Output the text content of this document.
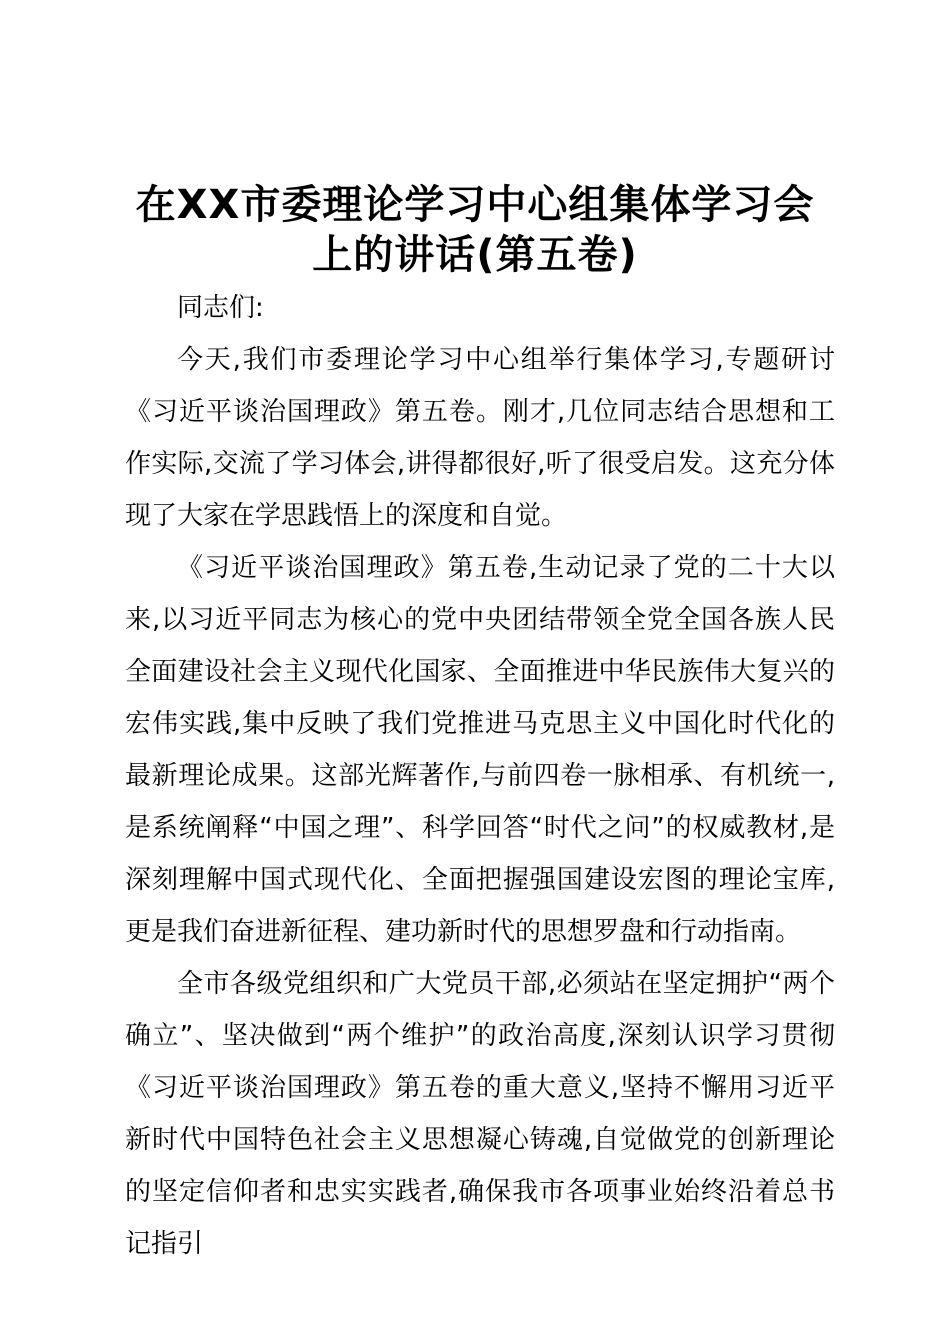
在XX市委理论学习中心组集体学习会上的讲话(第五卷)

同志们:

今天,我们市委理论学习中心组举行集体学习,专题研讨《习近平谈治国理政》第五卷。刚才,几位同志结合思想和工作实际,交流了学习体会,讲得都很好,听了很受启发。这充分体现了大家在学思践悟上的深度和自觉。

《习近平谈治国理政》第五卷,生动记录了党的二十大以来,以习近平同志为核心的党中央团结带领全党全国各族人民全面建设社会主义现代化国家、全面推进中华民族伟大复兴的宏伟实践,集中反映了我们党推进马克思主义中国化时代化的最新理论成果。这部光辉著作,与前四卷一脉相承、有机统一,是系统阐释“中国之理”、科学回答“时代之问”的权威教材,是深刻理解中国式现代化、全面把握强国建设宏图的理论宝库,更是我们奋进新征程、建功新时代的思想罗盘和行动指南。

全市各级党组织和广大党员干部,必须站在坚定拥护“两个确立”、坚决做到“两个维护”的政治高度,深刻认识学习贯彻《习近平谈治国理政》第五卷的重大意义,坚持不懈用习近平新时代中国特色社会主义思想凝心铸魂,自觉做党的创新理论的坚定信仰者和忠实实践者,确保我市各项事业始终沿着总书记指引
